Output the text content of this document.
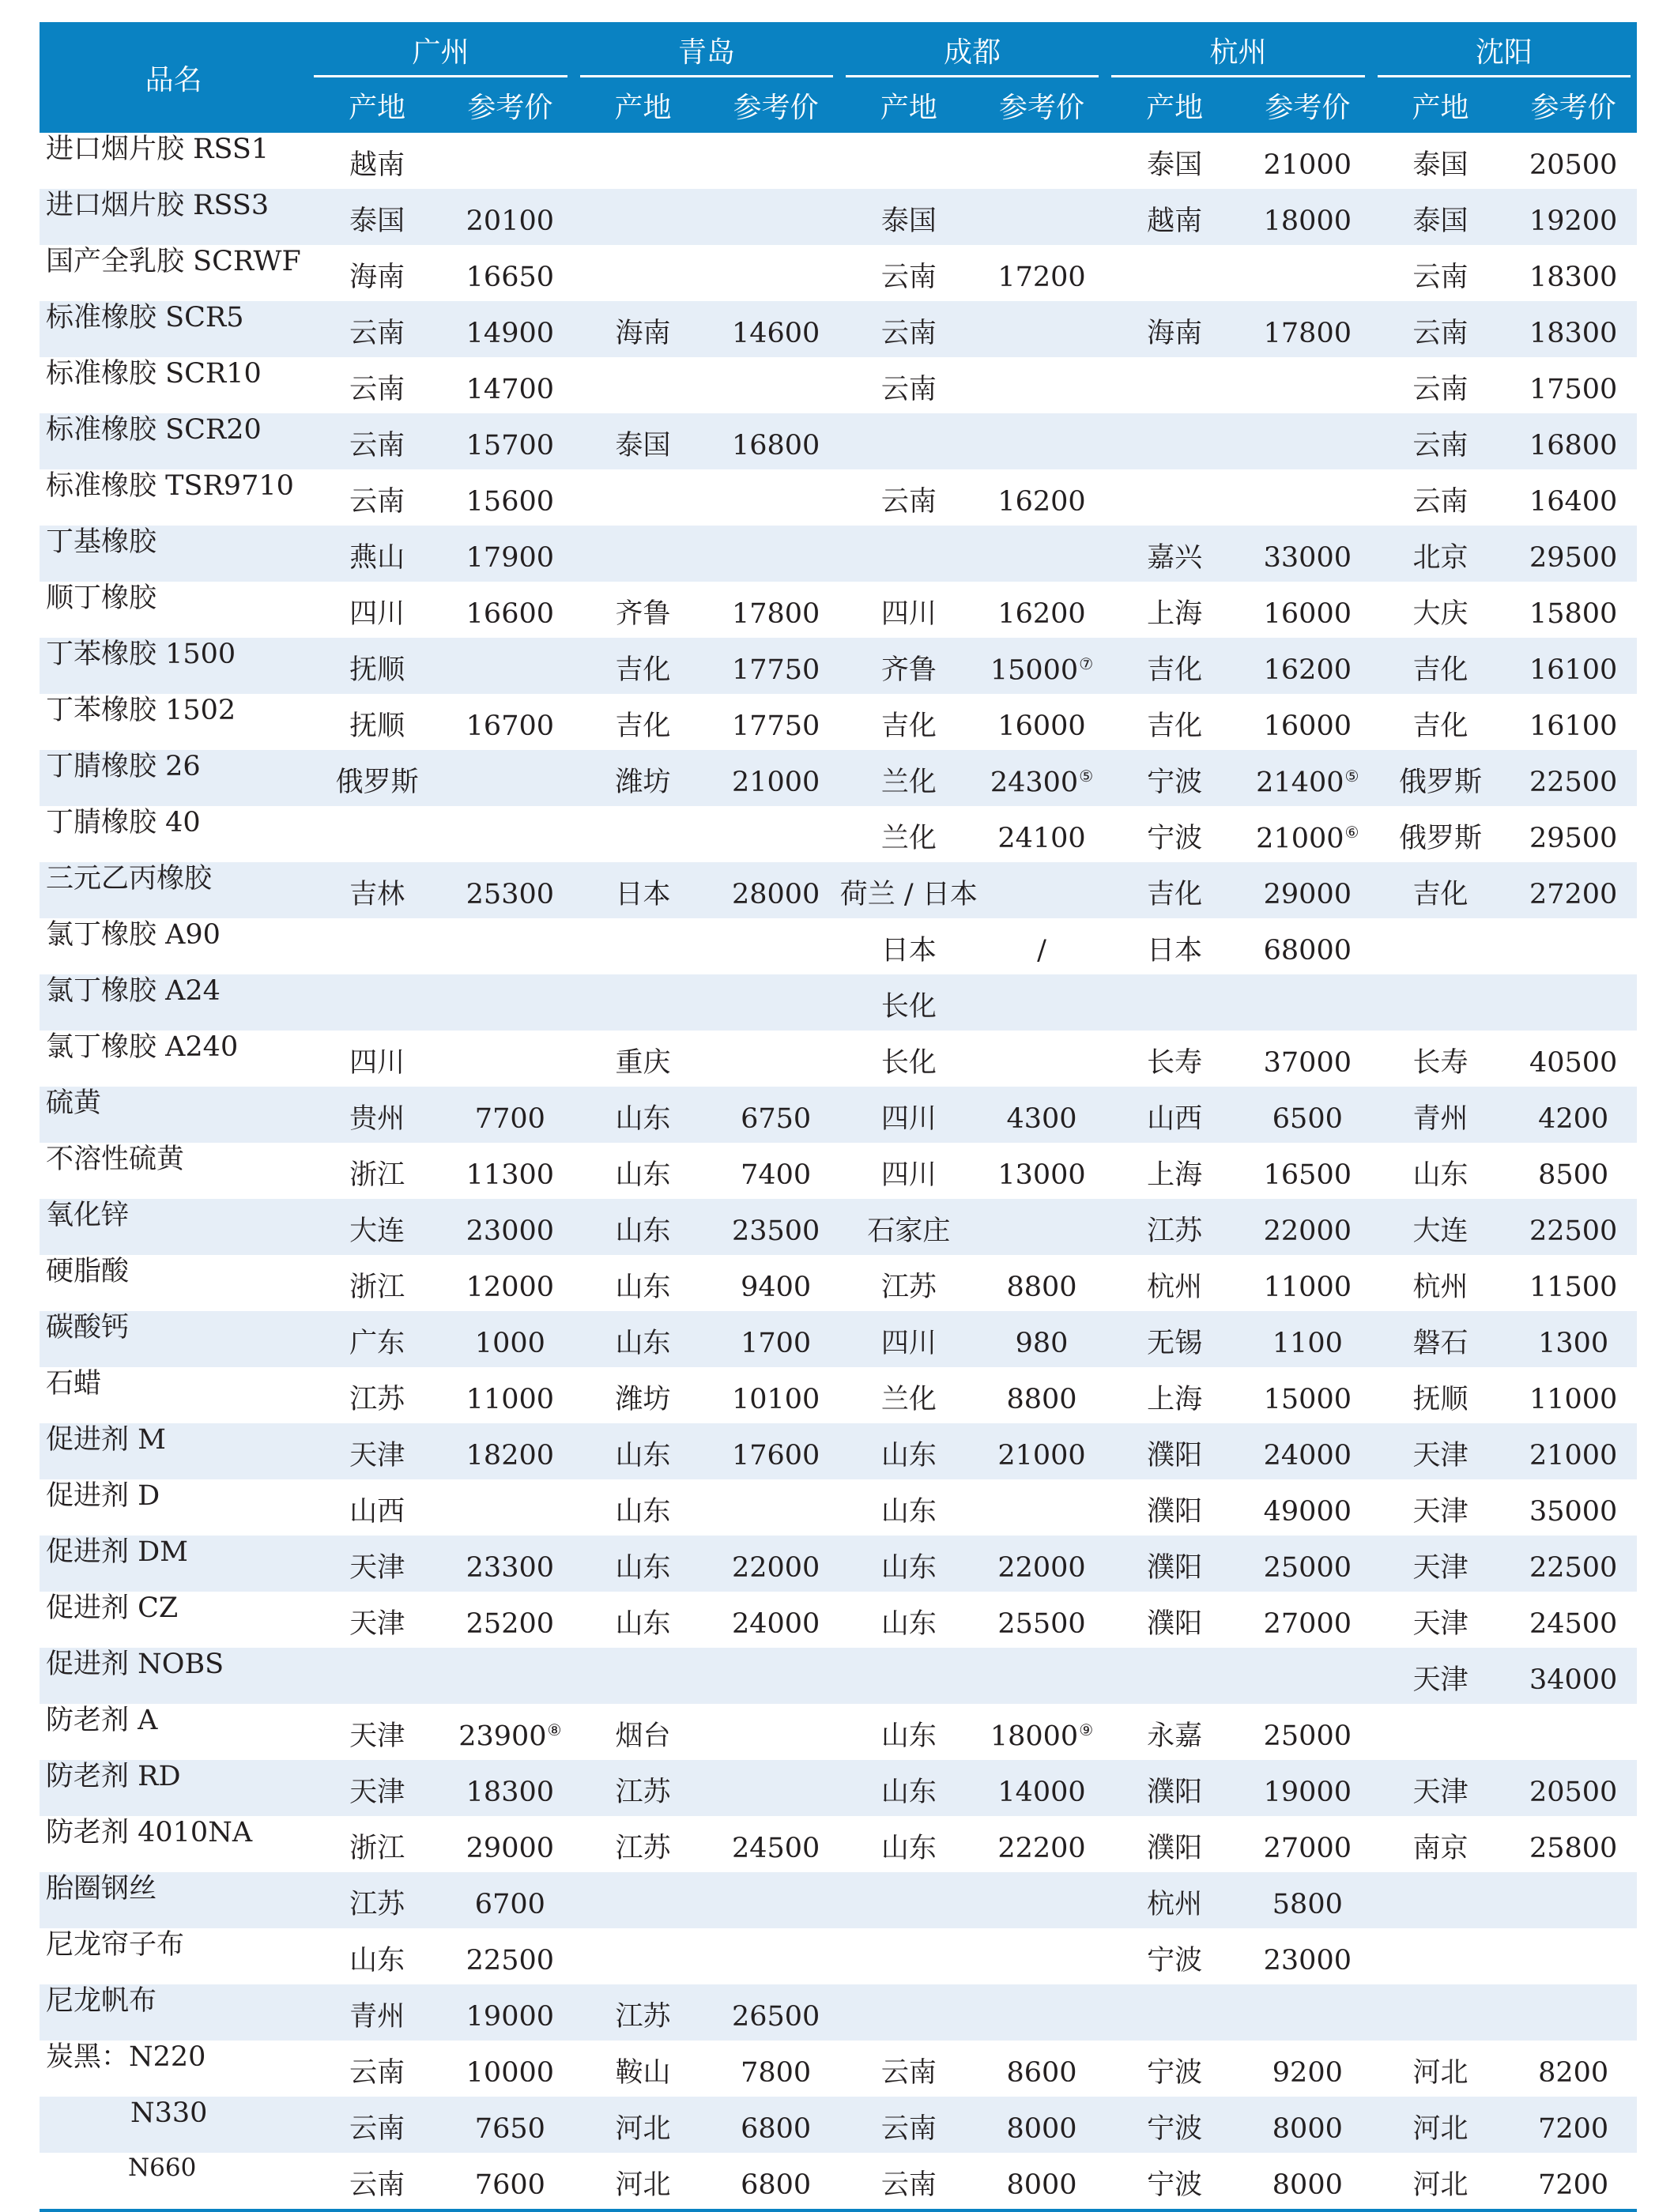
品名	广州		青岛		成都		杭州		沈阳	
	产地	参考价	产地	参考价	产地	参考价	产地	参考价	产地	参考价
进口烟片胶 RSS1	越南						泰国	21000	泰国	20500
进口烟片胶 RSS3	泰国	20100			泰国		越南	18000	泰国	19200
国产全乳胶 SCRWF	海南	16650			云南	17200			云南	18300
标准橡胶 SCR5	云南	14900	海南	14600	云南		海南	17800	云南	18300
标准橡胶 SCR10	云南	14700			云南				云南	17500
标准橡胶 SCR20	云南	15700	泰国	16800					云南	16800
标准橡胶 TSR9710	云南	15600			云南	16200			云南	16400
丁基橡胶	燕山	17900					嘉兴	33000	北京	29500
顺丁橡胶	四川	16600	齐鲁	17800	四川	16200	上海	16000	大庆	15800
丁苯橡胶 1500	抚顺		吉化	17750	齐鲁	15000⑦	吉化	16200	吉化	16100
丁苯橡胶 1502	抚顺	16700	吉化	17750	吉化	16000	吉化	16000	吉化	16100
丁腈橡胶 26	俄罗斯		潍坊	21000	兰化	24300⑤	宁波	21400⑤	俄罗斯	22500
丁腈橡胶 40					兰化	24100	宁波	21000⑥	俄罗斯	29500
三元乙丙橡胶	吉林	25300	日本	28000	荷兰 / 日本		吉化	29000	吉化	27200
氯丁橡胶 A90					日本	/	日本	68000		
氯丁橡胶 A24					长化					
氯丁橡胶 A240	四川		重庆		长化		长寿	37000	长寿	40500
硫黄	贵州	7700	山东	6750	四川	4300	山西	6500	青州	4200
不溶性硫黄	浙江	11300	山东	7400	四川	13000	上海	16500	山东	8500
氧化锌	大连	23000	山东	23500	石家庄		江苏	22000	大连	22500
硬脂酸	浙江	12000	山东	9400	江苏	8800	杭州	11000	杭州	11500
碳酸钙	广东	1000	山东	1700	四川	980	无锡	1100	磐石	1300
石蜡	江苏	11000	潍坊	10100	兰化	8800	上海	15000	抚顺	11000
促进剂 M	天津	18200	山东	17600	山东	21000	濮阳	24000	天津	21000
促进剂 D	山西		山东		山东		濮阳	49000	天津	35000
促进剂 DM	天津	23300	山东	22000	山东	22000	濮阳	25000	天津	22500
促进剂 CZ	天津	25200	山东	24000	山东	25500	濮阳	27000	天津	24500
促进剂 NOBS									天津	34000
防老剂 A	天津	23900⑧	烟台		山东	18000⑨	永嘉	25000		
防老剂 RD	天津	18300	江苏		山东	14000	濮阳	19000	天津	20500
防老剂 4010NA	浙江	29000	江苏	24500	山东	22200	濮阳	27000	南京	25800
胎圈钢丝	江苏	6700					杭州	5800		
尼龙帘子布	山东	22500					宁波	23000		
尼龙帆布	青州	19000	江苏	26500						
炭黑：N220	云南	10000	鞍山	7800	云南	8600	宁波	9200	河北	8200
N330	云南	7650	河北	6800	云南	8000	宁波	8000	河北	7200
N660	云南	7600	河北	6800	云南	8000	宁波	8000	河北	7200
